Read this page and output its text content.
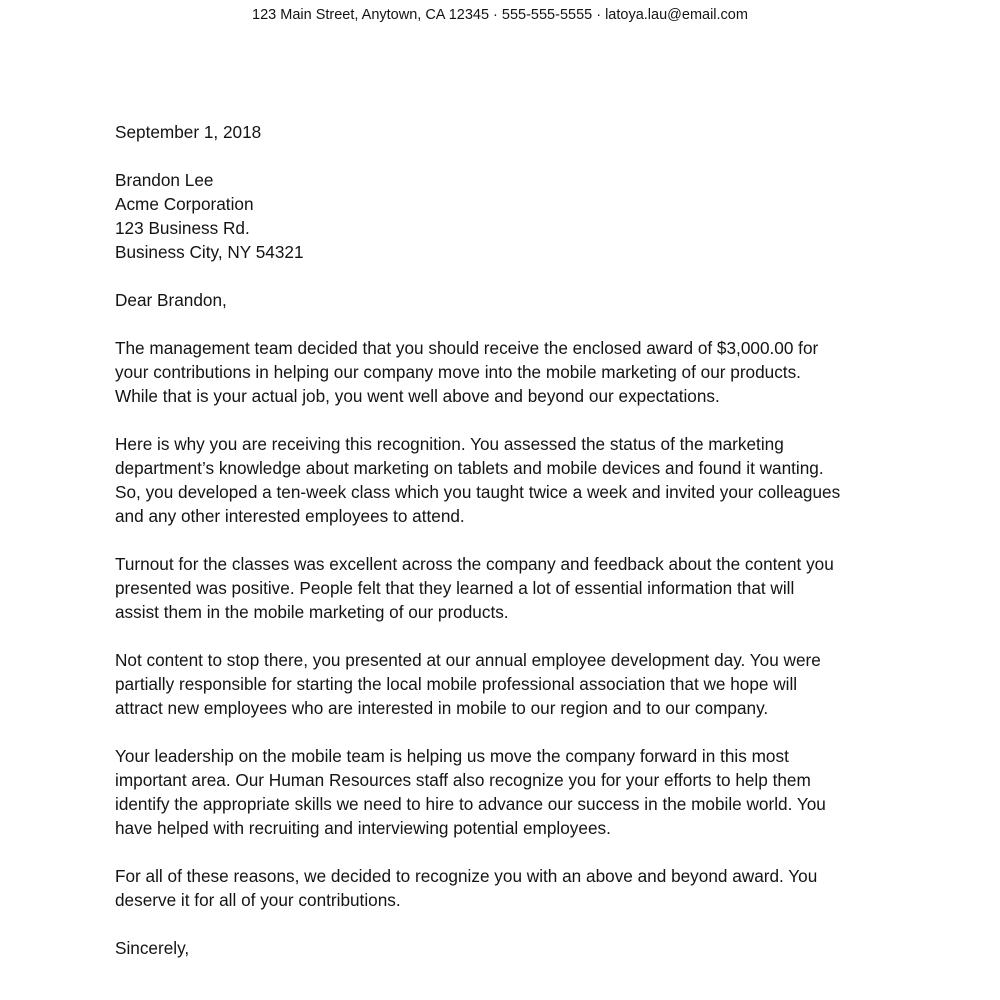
123 Main Street, Anytown, CA 12345 · 555-555-5555 · latoya.lau@email.com
September 1, 2018
Brandon Lee
Acme Corporation
123 Business Rd.
Business City, NY 54321
Dear Brandon,
The management team decided that you should receive the enclosed award of $3,000.00 for
your contributions in helping our company move into the mobile marketing of our products.
While that is your actual job, you went well above and beyond our expectations.
Here is why you are receiving this recognition. You assessed the status of the marketing
department’s knowledge about marketing on tablets and mobile devices and found it wanting.
So, you developed a ten-week class which you taught twice a week and invited your colleagues
and any other interested employees to attend.
Turnout for the classes was excellent across the company and feedback about the content you
presented was positive. People felt that they learned a lot of essential information that will
assist them in the mobile marketing of our products.
Not content to stop there, you presented at our annual employee development day. You were
partially responsible for starting the local mobile professional association that we hope will
attract new employees who are interested in mobile to our region and to our company.
Your leadership on the mobile team is helping us move the company forward in this most
important area. Our Human Resources staff also recognize you for your efforts to help them
identify the appropriate skills we need to hire to advance our success in the mobile world. You
have helped with recruiting and interviewing potential employees.
For all of these reasons, we decided to recognize you with an above and beyond award. You
deserve it for all of your contributions.
Sincerely,
